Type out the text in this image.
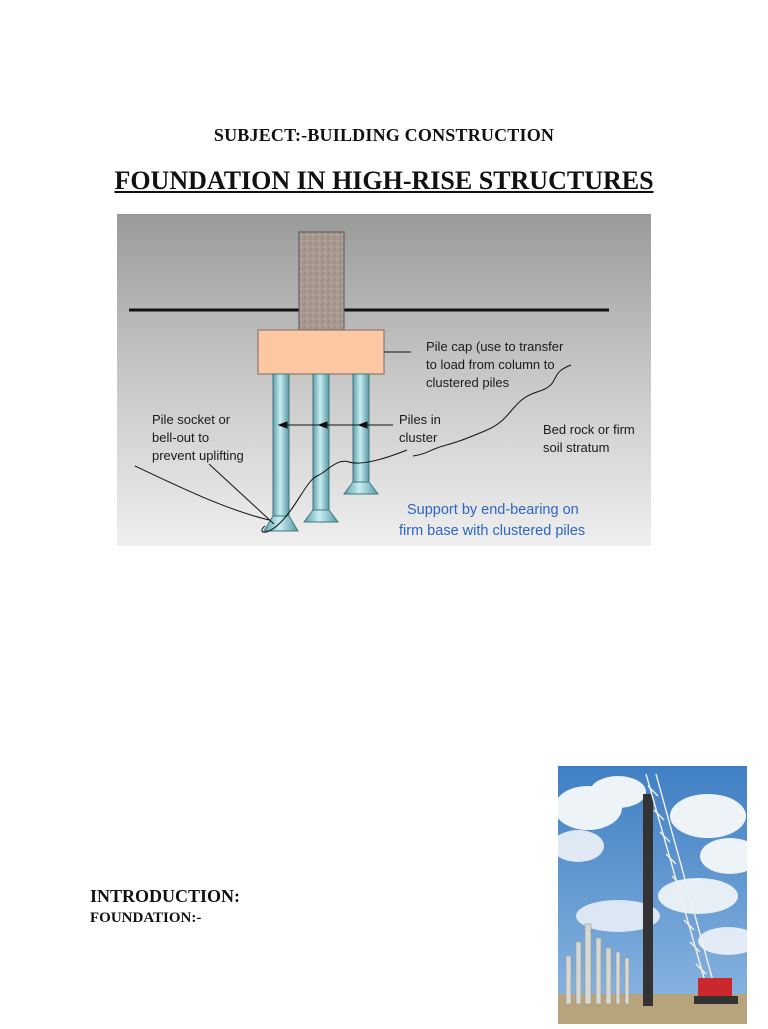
SUBJECT:-BUILDING CONSTRUCTION
FOUNDATION IN HIGH-RISE STRUCTURES
Pile cap (use to transfer to load from column to clustered piles
Pile socket or bell-out to prevent uplifting
Piles in cluster
Bed rock or firm soil stratum
Support by end-bearing on firm base with clustered piles
INTRODUCTION:
FOUNDATION:-
